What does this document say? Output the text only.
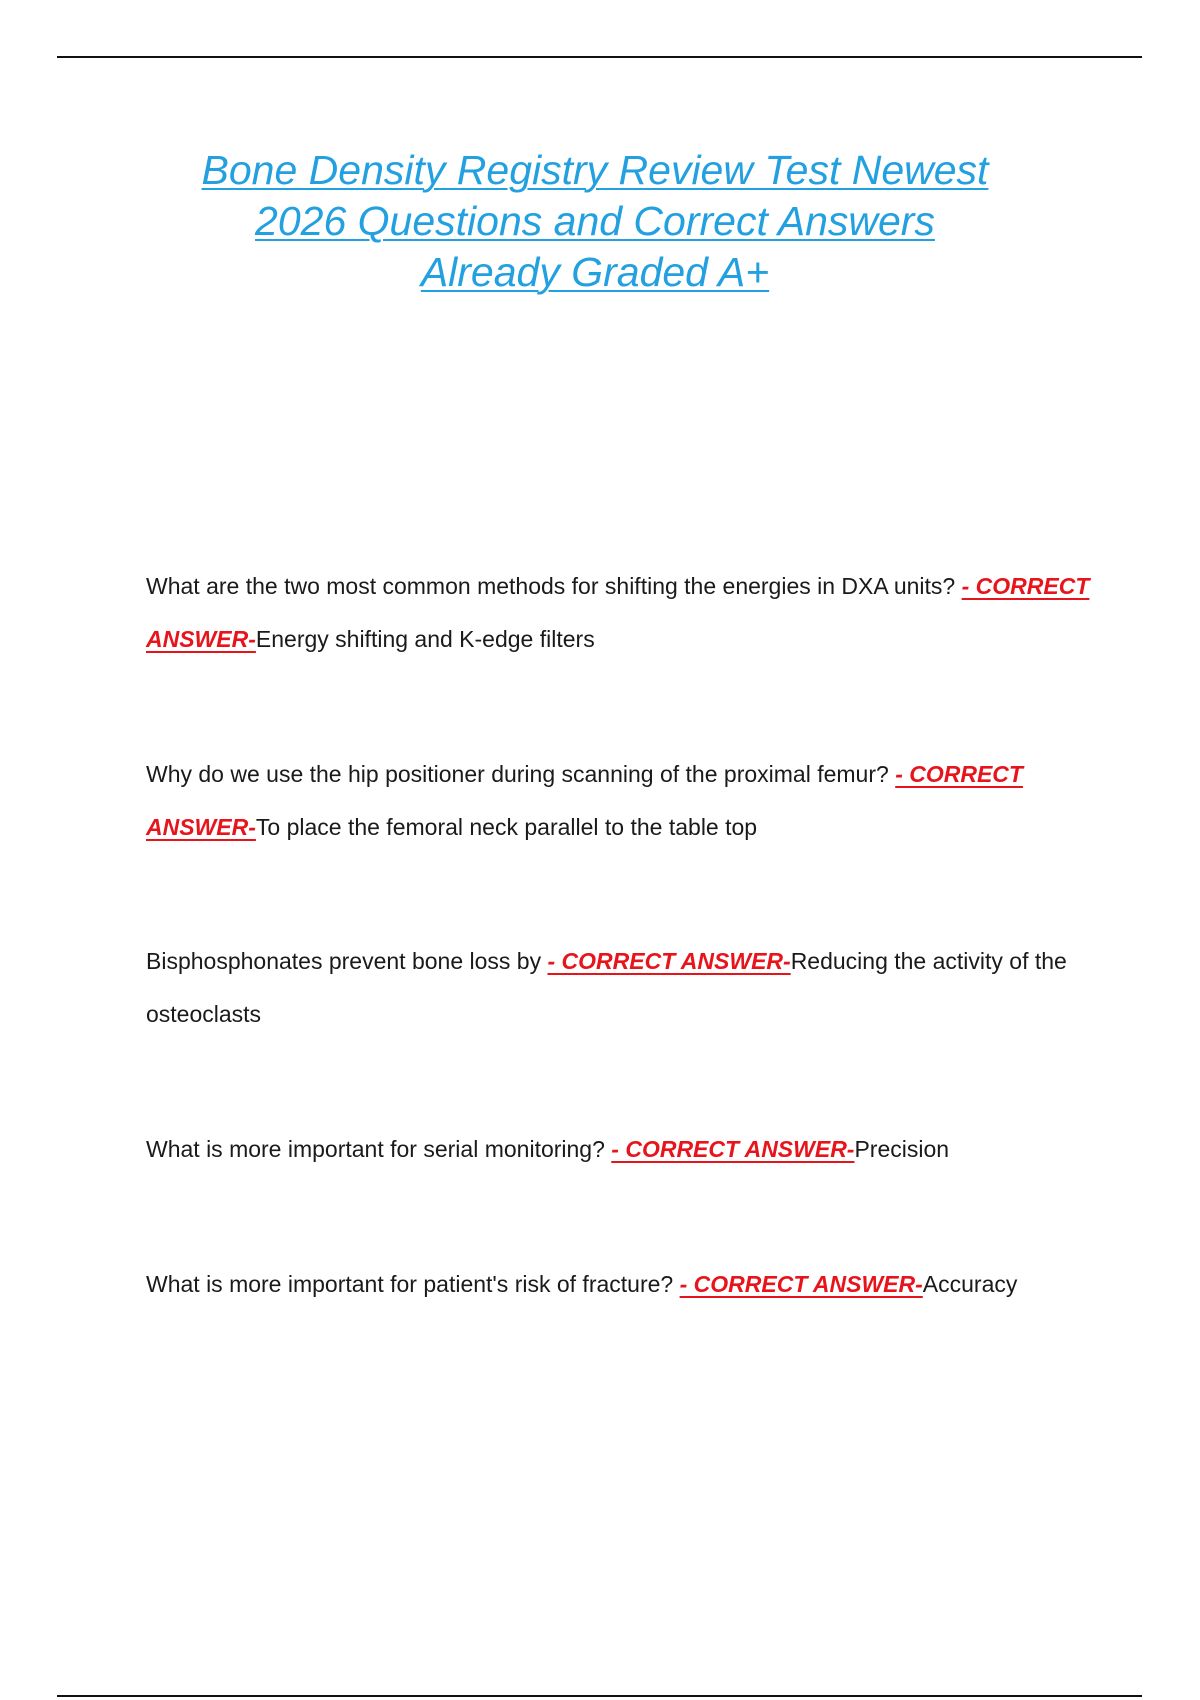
Bone Density Registry Review Test Newest
2026 Questions and Correct Answers
Already Graded A+

What are the two most common methods for shifting the energies in DXA units? - CORRECT ANSWER-Energy shifting and K-edge filters

Why do we use the hip positioner during scanning of the proximal femur? - CORRECT ANSWER-To place the femoral neck parallel to the table top

Bisphosphonates prevent bone loss by - CORRECT ANSWER-Reducing the activity of the osteoclasts

What is more important for serial monitoring? - CORRECT ANSWER-Precision

What is more important for patient's risk of fracture? - CORRECT ANSWER-Accuracy
